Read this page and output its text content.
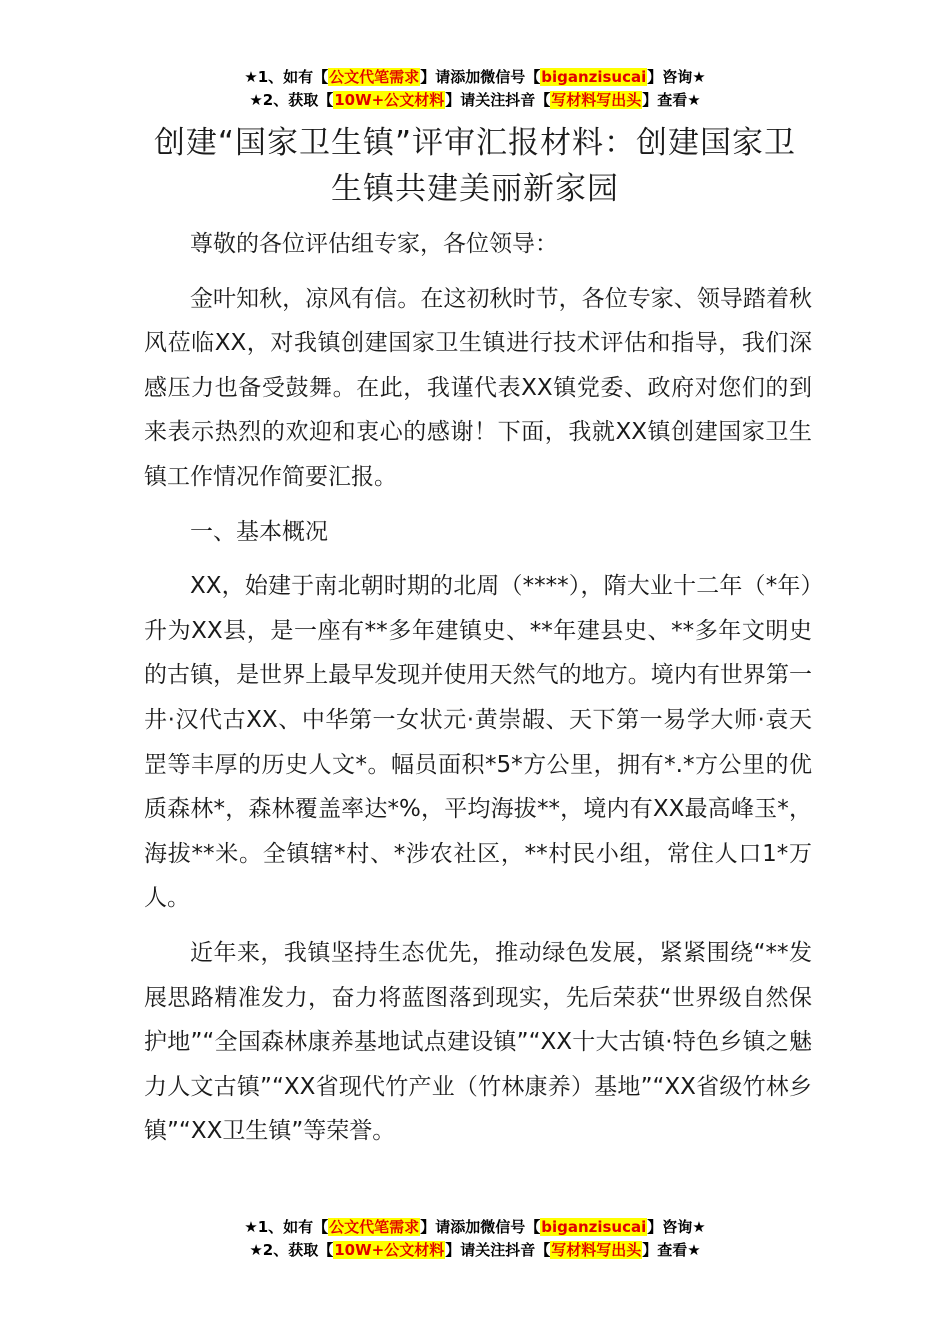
★1、如有【公文代笔需求】请添加微信号【biganzisucai】咨询★
★2、获取【10W+公文材料】请关注抖音【写材料写出头】查看★
创建“国家卫生镇”评审汇报材料：创建国家卫生镇共建美丽新家园

尊敬的各位评估组专家，各位领导：

金叶知秋，凉风有信。在这初秋时节，各位专家、领导踏着秋风莅临XX，对我镇创建国家卫生镇进行技术评估和指导，我们深感压力也备受鼓舞。在此，我谨代表XX镇党委、政府对您们的到来表示热烈的欢迎和衷心的感谢！下面，我就XX镇创建国家卫生镇工作情况作简要汇报。

一、基本概况

XX，始建于南北朝时期的北周（****），隋大业十二年（*年）升为XX县，是一座有**多年建镇史、**年建县史、**多年文明史的古镇，是世界上最早发现并使用天然气的地方。境内有世界第一井·汉代古XX、中华第一女状元·黄崇嘏、天下第一易学大师·袁天罡等丰厚的历史人文*。幅员面积*5*方公里，拥有*.*方公里的优质森林*，森林覆盖率达*%，平均海拔**，境内有XX最高峰玉*，海拔**米。全镇辖*村、*涉农社区，**村民小组，常住人口1*万人。

近年来，我镇坚持生态优先，推动绿色发展，紧紧围绕“**发展思路精准发力，奋力将蓝图落到现实，先后荣获“世界级自然保护地”“全国森林康养基地试点建设镇”“XX十大古镇·特色乡镇之魅力人文古镇”“XX省现代竹产业（竹林康养）基地”“XX省级竹林乡镇”“XX卫生镇”等荣誉。

★1、如有【公文代笔需求】请添加微信号【biganzisucai】咨询★
★2、获取【10W+公文材料】请关注抖音【写材料写出头】查看★
